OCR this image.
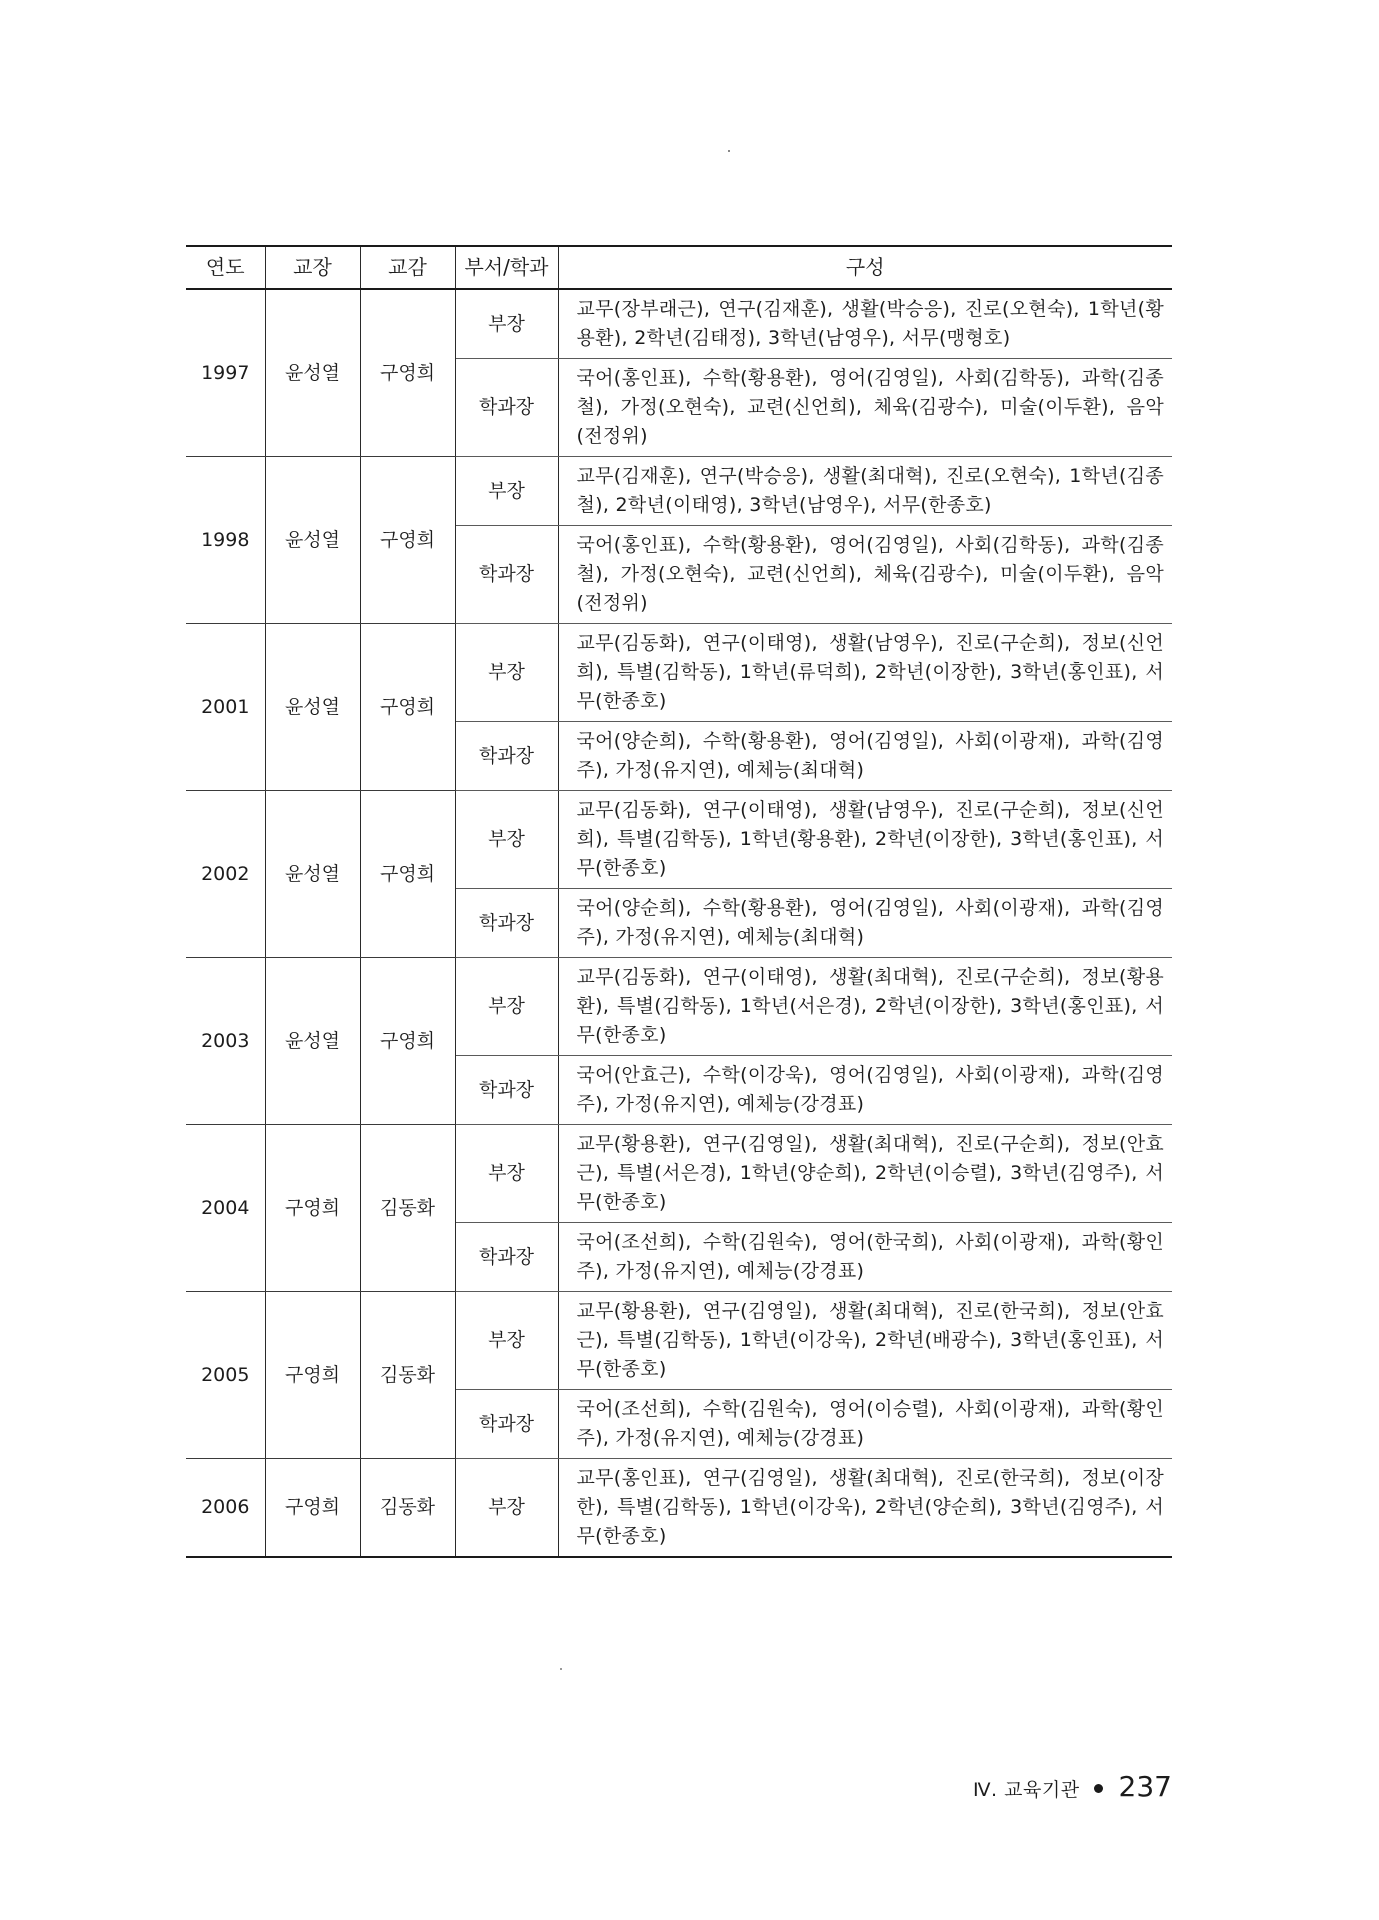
연도	교장	교감	부서/학과	구성
1997	윤성열	구영희	부장	교무(장부래근), 연구(김재훈), 생활(박승응), 진로(오현숙), 1학년(황용환), 2학년(김태정), 3학년(남영우), 서무(맹형호)
			학과장	국어(홍인표), 수학(황용환), 영어(김영일), 사회(김학동), 과학(김종철), 가정(오현숙), 교련(신언희), 체육(김광수), 미술(이두환), 음악(전정위)
1998	윤성열	구영희	부장	교무(김재훈), 연구(박승응), 생활(최대혁), 진로(오현숙), 1학년(김종철), 2학년(이태영), 3학년(남영우), 서무(한종호)
			학과장	국어(홍인표), 수학(황용환), 영어(김영일), 사회(김학동), 과학(김종철), 가정(오현숙), 교련(신언희), 체육(김광수), 미술(이두환), 음악(전정위)
2001	윤성열	구영희	부장	교무(김동화), 연구(이태영), 생활(남영우), 진로(구순희), 정보(신언희), 특별(김학동), 1학년(류덕희), 2학년(이장한), 3학년(홍인표), 서무(한종호)
			학과장	국어(양순희), 수학(황용환), 영어(김영일), 사회(이광재), 과학(김영주), 가정(유지연), 예체능(최대혁)
2002	윤성열	구영희	부장	교무(김동화), 연구(이태영), 생활(남영우), 진로(구순희), 정보(신언희), 특별(김학동), 1학년(황용환), 2학년(이장한), 3학년(홍인표), 서무(한종호)
			학과장	국어(양순희), 수학(황용환), 영어(김영일), 사회(이광재), 과학(김영주), 가정(유지연), 예체능(최대혁)
2003	윤성열	구영희	부장	교무(김동화), 연구(이태영), 생활(최대혁), 진로(구순희), 정보(황용환), 특별(김학동), 1학년(서은경), 2학년(이장한), 3학년(홍인표), 서무(한종호)
			학과장	국어(안효근), 수학(이강욱), 영어(김영일), 사회(이광재), 과학(김영주), 가정(유지연), 예체능(강경표)
2004	구영희	김동화	부장	교무(황용환), 연구(김영일), 생활(최대혁), 진로(구순희), 정보(안효근), 특별(서은경), 1학년(양순희), 2학년(이승렬), 3학년(김영주), 서무(한종호)
			학과장	국어(조선희), 수학(김원숙), 영어(한국희), 사회(이광재), 과학(황인주), 가정(유지연), 예체능(강경표)
2005	구영희	김동화	부장	교무(황용환), 연구(김영일), 생활(최대혁), 진로(한국희), 정보(안효근), 특별(김학동), 1학년(이강욱), 2학년(배광수), 3학년(홍인표), 서무(한종호)
			학과장	국어(조선희), 수학(김원숙), 영어(이승렬), 사회(이광재), 과학(황인주), 가정(유지연), 예체능(강경표)
2006	구영희	김동화	부장	교무(홍인표), 연구(김영일), 생활(최대혁), 진로(한국희), 정보(이장한), 특별(김학동), 1학년(이강욱), 2학년(양순희), 3학년(김영주), 서무(한종호)
Ⅳ. 교육기관 237
